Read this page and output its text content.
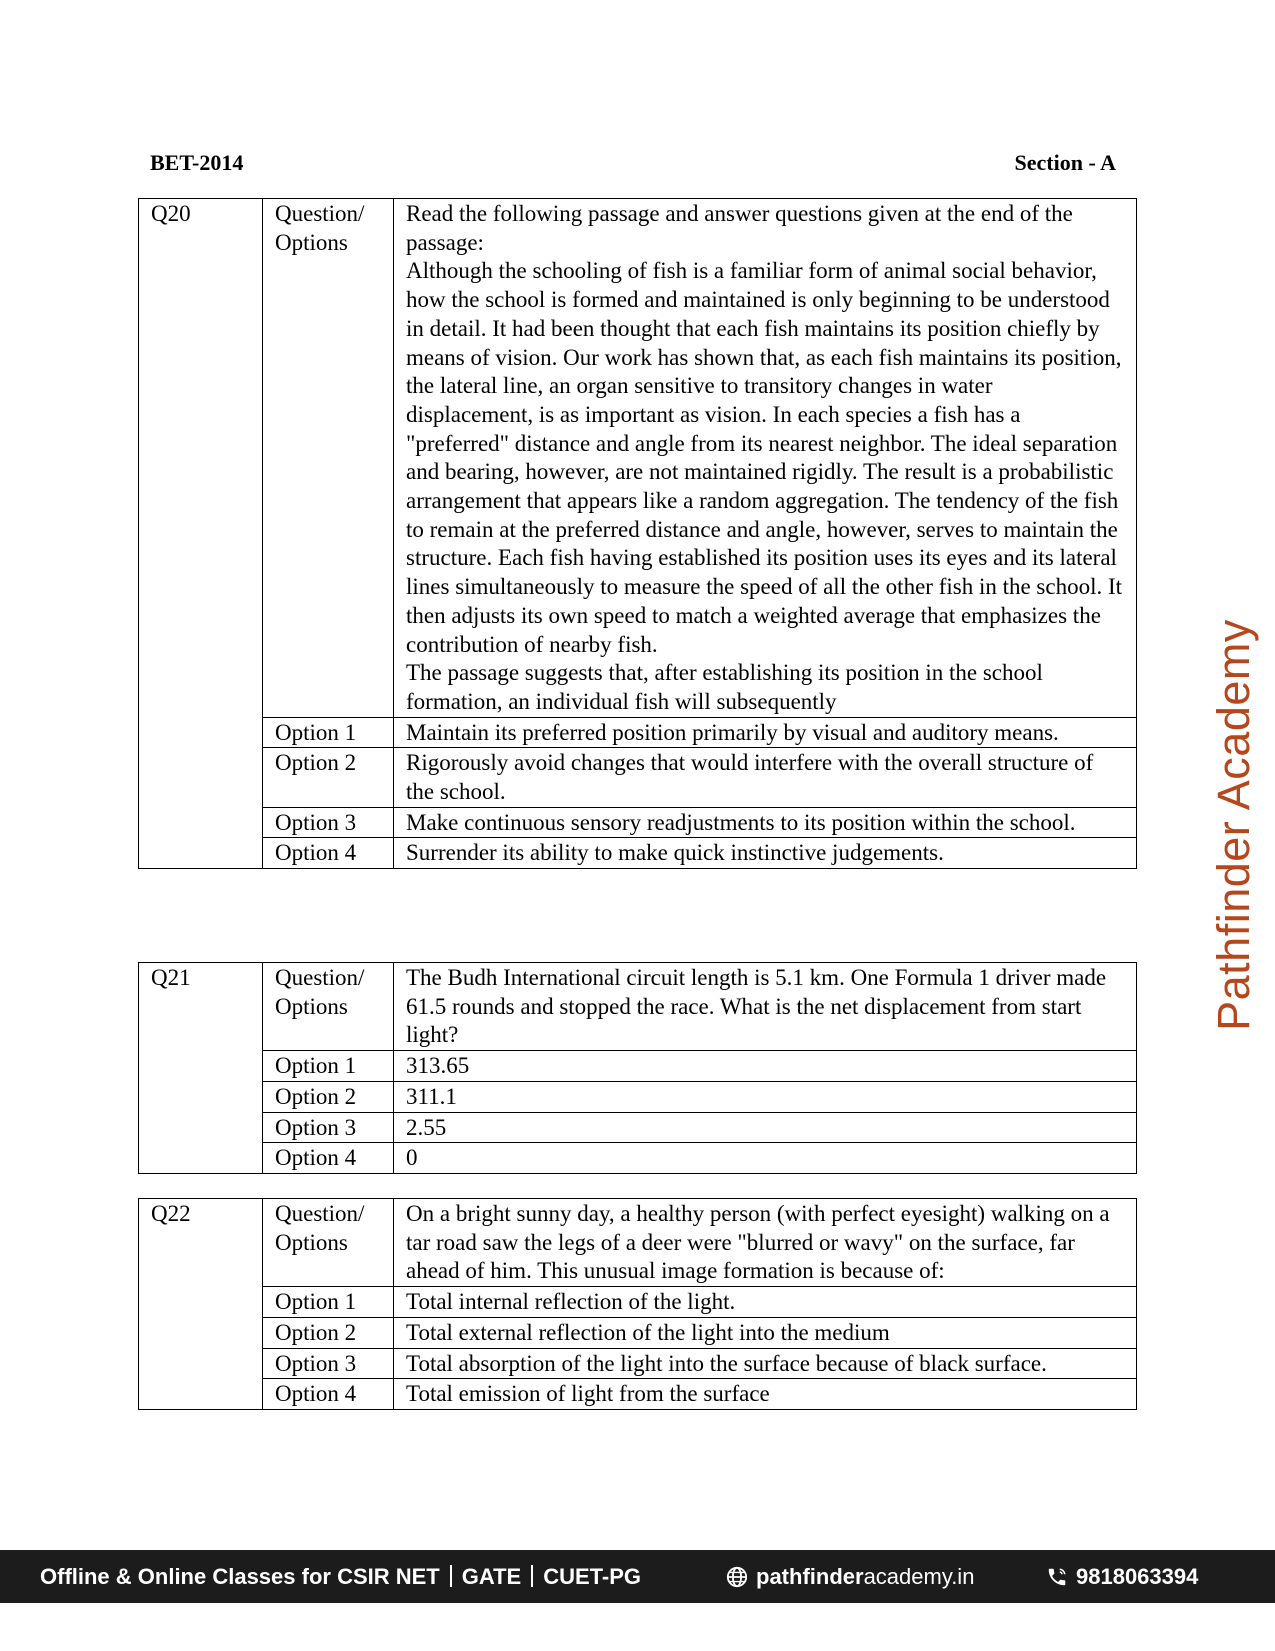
BET-2014	Section - A
Q20	Question/ Options	Read the following passage and answer questions given at the end of the passage:
Although the schooling of fish is a familiar form of animal social behavior, how the school is formed and maintained is only beginning to be understood in detail. It had been thought that each fish maintains its position chiefly by means of vision. Our work has shown that, as each fish maintains its position, the lateral line, an organ sensitive to transitory changes in water displacement, is as important as vision. In each species a fish has a "preferred" distance and angle from its nearest neighbor. The ideal separation and bearing, however, are not maintained rigidly. The result is a probabilistic arrangement that appears like a random aggregation. The tendency of the fish to remain at the preferred distance and angle, however, serves to maintain the structure. Each fish having established its position uses its eyes and its lateral lines simultaneously to measure the speed of all the other fish in the school. It then adjusts its own speed to match a weighted average that emphasizes the contribution of nearby fish.
The passage suggests that, after establishing its position in the school formation, an individual fish will subsequently

	Option 1	Maintain its preferred position primarily by visual and auditory means.
	Option 2	Rigorously avoid changes that would interfere with the overall structure of the school.
	Option 3	Make continuous sensory readjustments to its position within the school.
	Option 4	Surrender its ability to make quick instinctive judgements.
Q21	Question/ Options	The Budh International circuit length is 5.1 km. One Formula 1 driver made 61.5 rounds and stopped the race. What is the net displacement from start light?

	Option 1	313.65
	Option 2	311.1
	Option 3	2.55
	Option 4	0
Q22	Question/ Options	On a bright sunny day, a healthy person (with perfect eyesight) walking on a tar road saw the legs of a deer were "blurred or wavy" on the surface, far ahead of him. This unusual image formation is because of:

	Option 1	Total internal reflection of the light.
	Option 2	Total external reflection of the light into the medium
	Option 3	Total absorption of the light into the surface because of black surface.
	Option 4	Total emission of light from the surface
Pathfinder Academy
Offline & Online Classes for CSIR NET GATE CUET-PG	pathfinderacademy.in	9818063394
